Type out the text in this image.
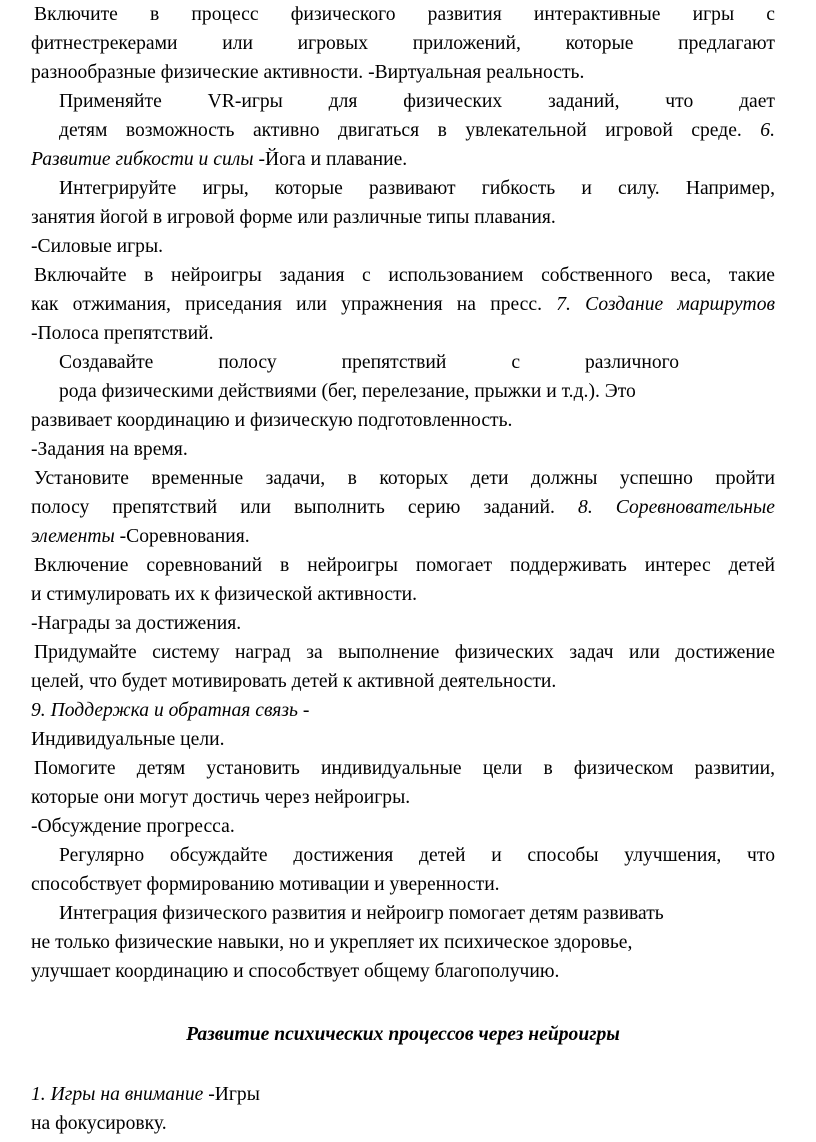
Включите в процесс физического развития интерактивные игры с
фитнестрекерами или игровых приложений, которые предлагают
разнообразные физические активности. -Виртуальная реальность.
Применяйте VR-игры для физических заданий, что дает
детям возможность активно двигаться в увлекательной игровой среде. 6.
Развитие гибкости и силы -Йога и плавание.
Интегрируйте игры, которые развивают гибкость и силу. Например,
занятия йогой в игровой форме или различные типы плавания.
-Силовые игры.
Включайте в нейроигры задания с использованием собственного веса, такие
как отжимания, приседания или упражнения на пресс. 7. Создание маршрутов
-Полоса препятствий.
Создавайте полосу препятствий с различного
рода физическими действиями (бег, перелезание, прыжки и т.д.). Это
развивает координацию и физическую подготовленность.
-Задания на время.
Установите временные задачи, в которых дети должны успешно пройти
полосу препятствий или выполнить серию заданий. 8. Соревновательные
элементы -Соревнования.
Включение соревнований в нейроигры помогает поддерживать интерес детей
и стимулировать их к физической активности.
-Награды за достижения.
Придумайте систему наград за выполнение физических задач или достижение
целей, что будет мотивировать детей к активной деятельности.
9. Поддержка и обратная связь -
Индивидуальные цели.
Помогите детям установить индивидуальные цели в физическом развитии,
которые они могут достичь через нейроигры.
-Обсуждение прогресса.
Регулярно обсуждайте достижения детей и способы улучшения, что
способствует формированию мотивации и уверенности.
Интеграция физического развития и нейроигр помогает детям развивать
не только физические навыки, но и укрепляет их психическое здоровье,
улучшает координацию и способствует общему благополучию.
Развитие психических процессов через нейроигры
1. Игры на внимание -Игры
на фокусировку.
